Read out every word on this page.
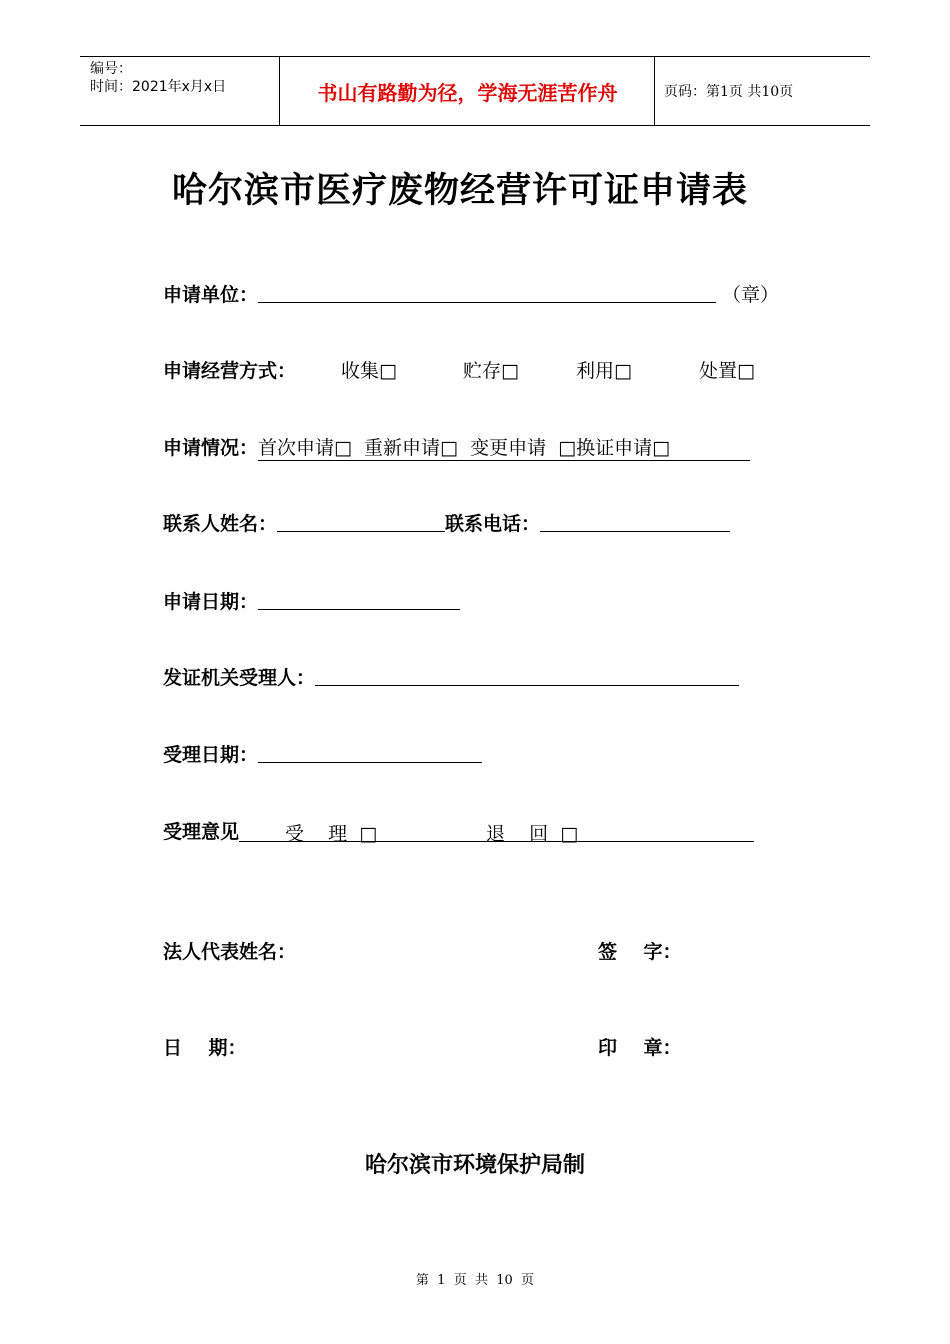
编号：
时间：2021年x月x日	书山有路勤为径，学海无涯苦作舟	页码：第1页 共10页
哈尔滨市医疗废物经营许可证申请表
申请单位：	（章）
申请经营方式： 收集□	贮存□	利用□	处置□
申请情况：首次申请□  重新申请□  变更申请  □换证申请□
联系人姓名：	联系电话：
申请日期：
发证机关受理人：
受理日期：
受理意见 受    理  □	退    回  □
法人代表姓名：	签    字：
日    期：	印    章：
哈尔滨市环境保护局制
第  1  页  共  10  页
